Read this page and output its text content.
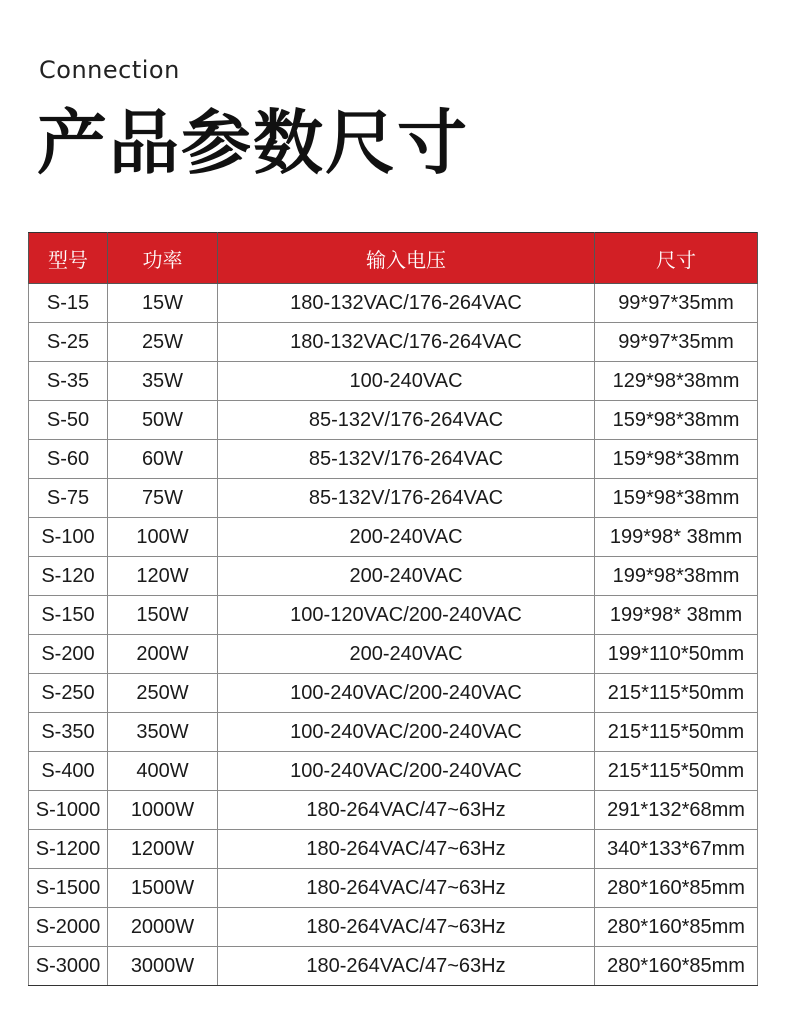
Connection
产品参数尺寸
型号	功率	输入电压	尺寸
S-15	15W	180-132VAC/176-264VAC	99*97*35mm
S-25	25W	180-132VAC/176-264VAC	99*97*35mm
S-35	35W	100-240VAC	129*98*38mm
S-50	50W	85-132V/176-264VAC	159*98*38mm
S-60	60W	85-132V/176-264VAC	159*98*38mm
S-75	75W	85-132V/176-264VAC	159*98*38mm
S-100	100W	200-240VAC	199*98* 38mm
S-120	120W	200-240VAC	199*98*38mm
S-150	150W	100-120VAC/200-240VAC	199*98* 38mm
S-200	200W	200-240VAC	199*110*50mm
S-250	250W	100-240VAC/200-240VAC	215*115*50mm
S-350	350W	100-240VAC/200-240VAC	215*115*50mm
S-400	400W	100-240VAC/200-240VAC	215*115*50mm
S-1000	1000W	180-264VAC/47~63Hz	291*132*68mm
S-1200	1200W	180-264VAC/47~63Hz	340*133*67mm
S-1500	1500W	180-264VAC/47~63Hz	280*160*85mm
S-2000	2000W	180-264VAC/47~63Hz	280*160*85mm
S-3000	3000W	180-264VAC/47~63Hz	280*160*85mm
